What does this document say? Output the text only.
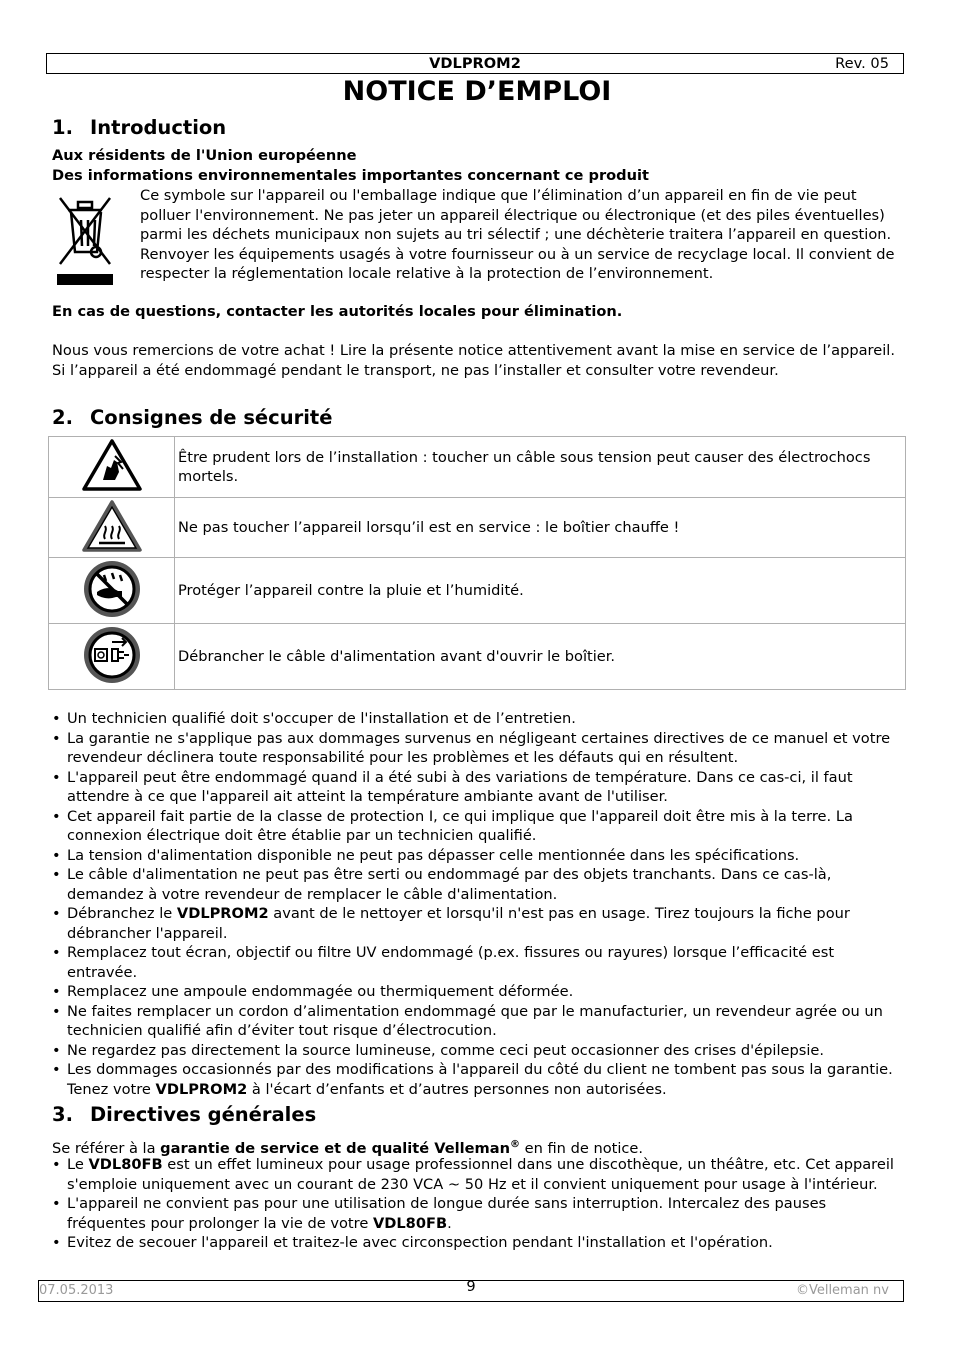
VDLPROM2	Rev. 05
NOTICE D’EMPLOI
1. Introduction
Aux résidents de l'Union européenne
Des informations environnementales importantes concernant ce produit
Ce symbole sur l'appareil ou l'emballage indique que l’élimination d’un appareil en fin de vie peut polluer l'environnement. Ne pas jeter un appareil électrique ou électronique (et des piles éventuelles) parmi les déchets municipaux non sujets au tri sélectif ; une déchèterie traitera l’appareil en question. Renvoyer les équipements usagés à votre fournisseur ou à un service de recyclage local. Il convient de respecter la réglementation locale relative à la protection de l’environnement.
En cas de questions, contacter les autorités locales pour élimination.
Nous vous remercions de votre achat ! Lire la présente notice attentivement avant la mise en service de l’appareil. Si l’appareil a été endommagé pendant le transport, ne pas l’installer et consulter votre revendeur.
2. Consignes de sécurité
	Être prudent lors de l’installation : toucher un câble sous tension peut causer des électrochocs mortels.
	Ne pas toucher l’appareil lorsqu’il est en service : le boîtier chauffe !
	Protéger l’appareil contre la pluie et l’humidité.
	Débrancher le câble d'alimentation avant d'ouvrir le boîtier.
• Un technicien qualifié doit s'occuper de l'installation et de l’entretien.
• La garantie ne s'applique pas aux dommages survenus en négligeant certaines directives de ce manuel et votre revendeur déclinera toute responsabilité pour les problèmes et les défauts qui en résultent.
• L'appareil peut être endommagé quand il a été subi à des variations de température. Dans ce cas-ci, il faut attendre à ce que l'appareil ait atteint la température ambiante avant de l'utiliser.
• Cet appareil fait partie de la classe de protection I, ce qui implique que l'appareil doit être mis à la terre. La connexion électrique doit être établie par un technicien qualifié.
• La tension d'alimentation disponible ne peut pas dépasser celle mentionnée dans les spécifications.
• Le câble d'alimentation ne peut pas être serti ou endommagé par des objets tranchants. Dans ce cas-là, demandez à votre revendeur de remplacer le câble d'alimentation.
• Débranchez le VDLPROM2 avant de le nettoyer et lorsqu'il n'est pas en usage. Tirez toujours la fiche pour débrancher l'appareil.
• Remplacez tout écran, objectif ou filtre UV endommagé (p.ex. fissures ou rayures) lorsque l’efficacité est entravée.
• Remplacez une ampoule endommagée ou thermiquement déformée.
• Ne faites remplacer un cordon d’alimentation endommagé que par le manufacturier, un revendeur agrée ou un technicien qualifié afin d’éviter tout risque d’électrocution.
• Ne regardez pas directement la source lumineuse, comme ceci peut occasionner des crises d'épilepsie.
• Les dommages occasionnés par des modifications à l'appareil du côté du client ne tombent pas sous la garantie. Tenez votre VDLPROM2 à l'écart d’enfants et d’autres personnes non autorisées.
3. Directives générales
Se référer à la garantie de service et de qualité Velleman® en fin de notice.
• Le VDL80FB est un effet lumineux pour usage professionnel dans une discothèque, un théâtre, etc. Cet appareil s'emploie uniquement avec un courant de 230 VCA ~ 50 Hz et il convient uniquement pour usage à l'intérieur.
• L'appareil ne convient pas pour une utilisation de longue durée sans interruption. Intercalez des pauses fréquentes pour prolonger la vie de votre VDL80FB.
• Evitez de secouer l'appareil et traitez-le avec circonspection pendant l'installation et l'opération.
07.05.2013	9	©Velleman nv
